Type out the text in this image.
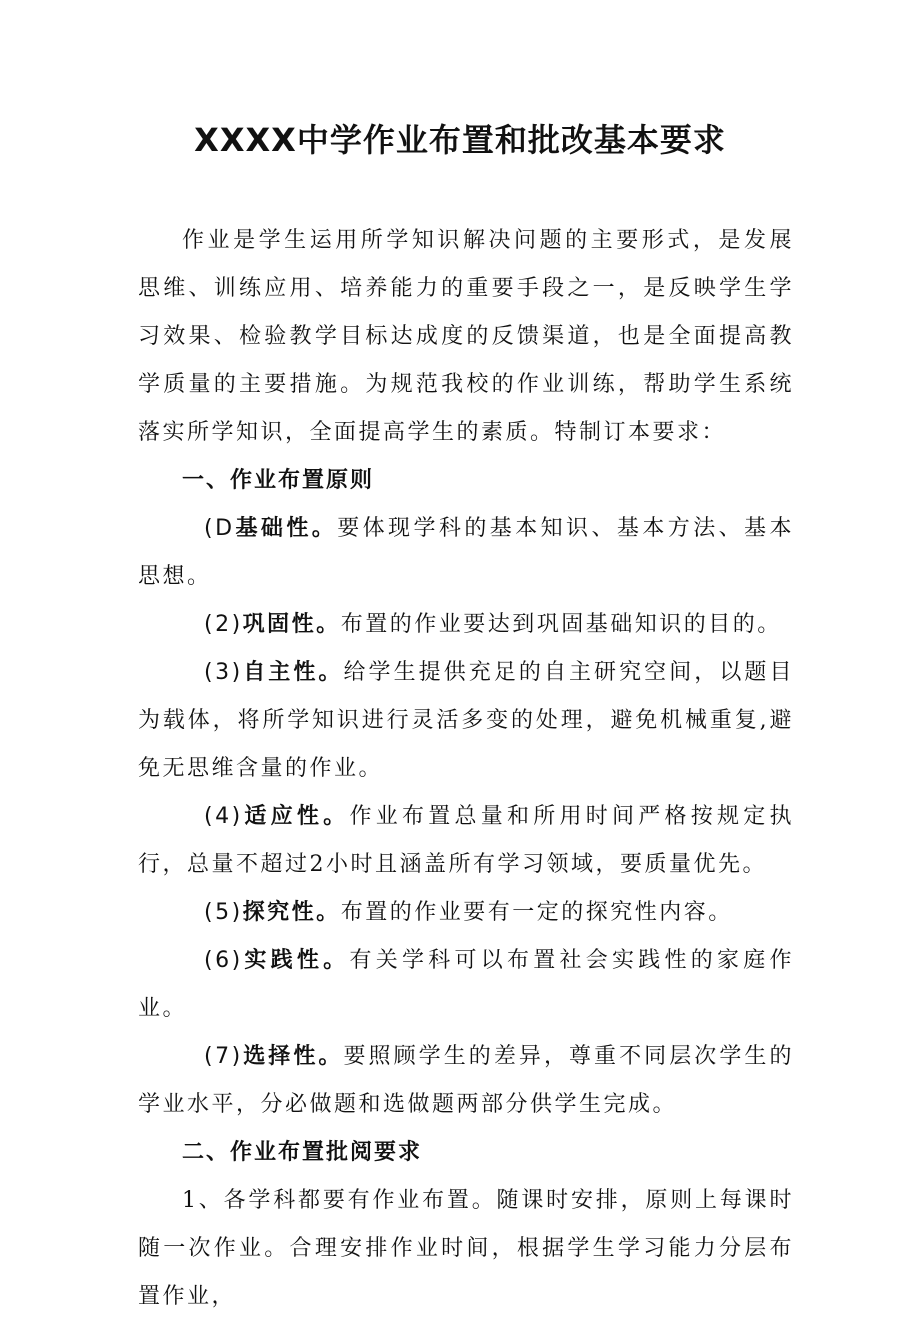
XXXX中学作业布置和批改基本要求

作业是学生运用所学知识解决问题的主要形式，是发展思维、训练应用、培养能力的重要手段之一，是反映学生学习效果、检验教学目标达成度的反馈渠道，也是全面提高教学质量的主要措施。为规范我校的作业训练，帮助学生系统落实所学知识，全面提高学生的素质。特制订本要求：

一、作业布置原则

(D基础性。要体现学科的基本知识、基本方法、基本思想。

(2)巩固性。布置的作业要达到巩固基础知识的目的。

(3)自主性。给学生提供充足的自主研究空间，以题目为载体，将所学知识进行灵活多变的处理，避免机械重复,避免无思维含量的作业。

(4)适应性。作业布置总量和所用时间严格按规定执行，总量不超过2小时且涵盖所有学习领域，要质量优先。

(5)探究性。布置的作业要有一定的探究性内容。

(6)实践性。有关学科可以布置社会实践性的家庭作业。

(7)选择性。要照顾学生的差异，尊重不同层次学生的学业水平，分必做题和选做题两部分供学生完成。

二、作业布置批阅要求

1、各学科都要有作业布置。随课时安排，原则上每课时随一次作业。合理安排作业时间，根据学生学习能力分层布置作业，
